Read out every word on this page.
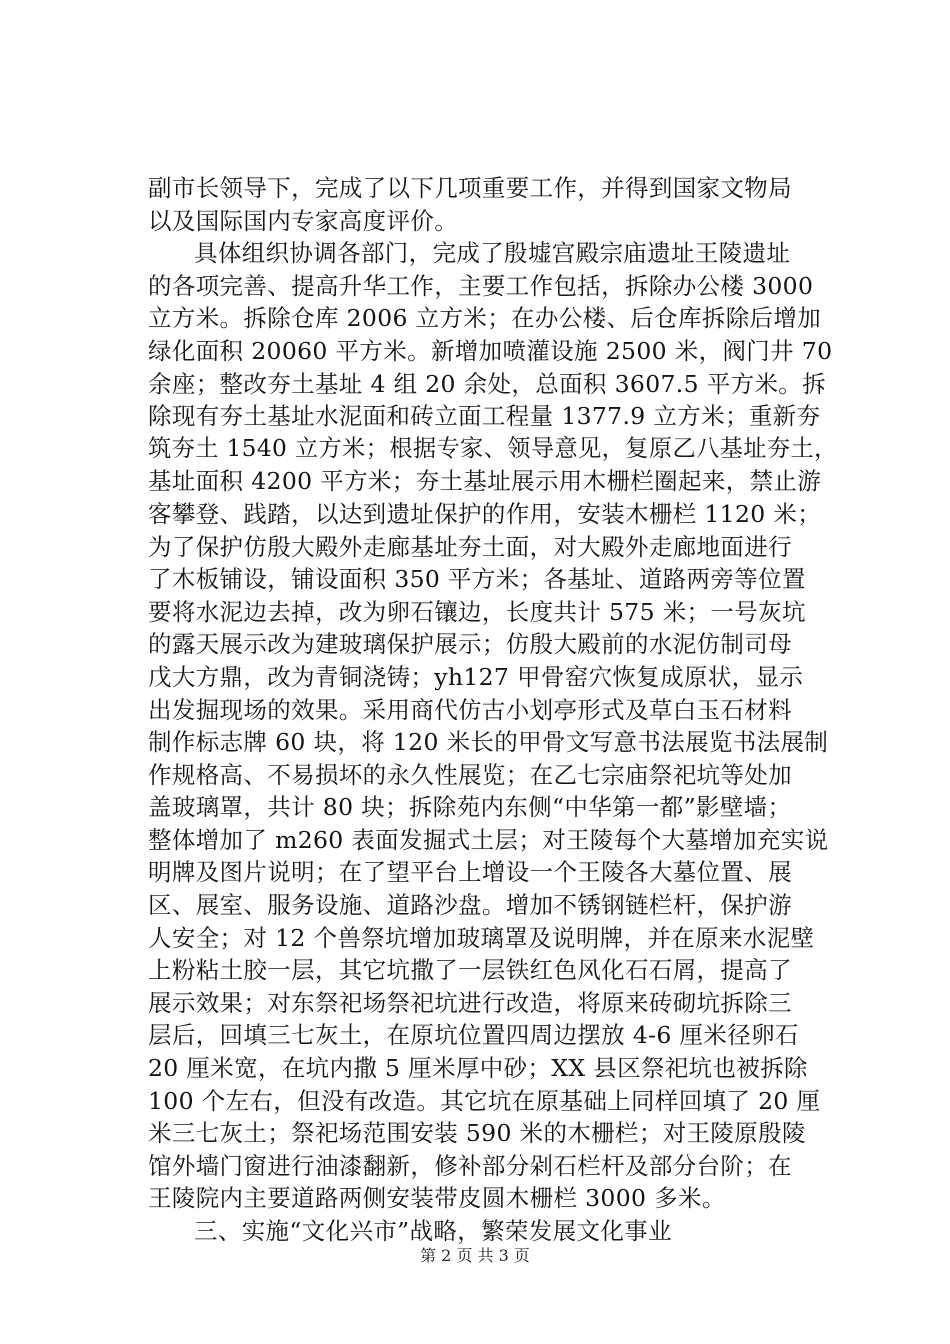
副市长领导下，完成了以下几项重要工作，并得到国家文物局
以及国际国内专家高度评价。
具体组织协调各部门，完成了殷墟宫殿宗庙遗址王陵遗址
的各项完善、提高升华工作，主要工作包括，拆除办公楼 3000
立方米。拆除仓库 2006 立方米；在办公楼、后仓库拆除后增加
绿化面积 20060 平方米。新增加喷灌设施 2500 米，阀门井 70
余座；整改夯土基址 4 组 20 余处，总面积 3607.5 平方米。拆
除现有夯土基址水泥面和砖立面工程量 1377.9 立方米；重新夯
筑夯土 1540 立方米；根据专家、领导意见，复原乙八基址夯土，
基址面积 4200 平方米；夯土基址展示用木栅栏圈起来，禁止游
客攀登、践踏，以达到遗址保护的作用，安装木栅栏 1120 米；
为了保护仿殷大殿外走廊基址夯土面，对大殿外走廊地面进行
了木板铺设，铺设面积 350 平方米；各基址、道路两旁等位置
要将水泥边去掉，改为卵石镶边，长度共计 575 米；一号灰坑
的露天展示改为建玻璃保护展示；仿殷大殿前的水泥仿制司母
戊大方鼎，改为青铜浇铸；yh127 甲骨窑穴恢复成原状，显示
出发掘现场的效果。采用商代仿古小划亭形式及草白玉石材料
制作标志牌 60 块，将 120 米长的甲骨文写意书法展览书法展制
作规格高、不易损坏的永久性展览；在乙七宗庙祭祀坑等处加
盖玻璃罩，共计 80 块；拆除苑内东侧“中华第一都”影壁墙；
整体增加了 m260 表面发掘式土层；对王陵每个大墓增加充实说
明牌及图片说明；在了望平台上增设一个王陵各大墓位置、展
区、展室、服务设施、道路沙盘。增加不锈钢链栏杆，保护游
人安全；对 12 个兽祭坑增加玻璃罩及说明牌，并在原来水泥壁
上粉粘土胶一层，其它坑撒了一层铁红色风化石石屑，提高了
展示效果；对东祭祀场祭祀坑进行改造，将原来砖砌坑拆除三
层后，回填三七灰土，在原坑位置四周边摆放 4-6 厘米径卵石
20 厘米宽，在坑内撒 5 厘米厚中砂；XX 县区祭祀坑也被拆除
100 个左右，但没有改造。其它坑在原基础上同样回填了 20 厘
米三七灰土；祭祀场范围安装 590 米的木栅栏；对王陵原殷陵
馆外墙门窗进行油漆翻新，修补部分剁石栏杆及部分台阶；在
王陵院内主要道路两侧安装带皮圆木栅栏 3000 多米。
三、实施“文化兴市”战略，繁荣发展文化事业
第 2 页 共 3 页
